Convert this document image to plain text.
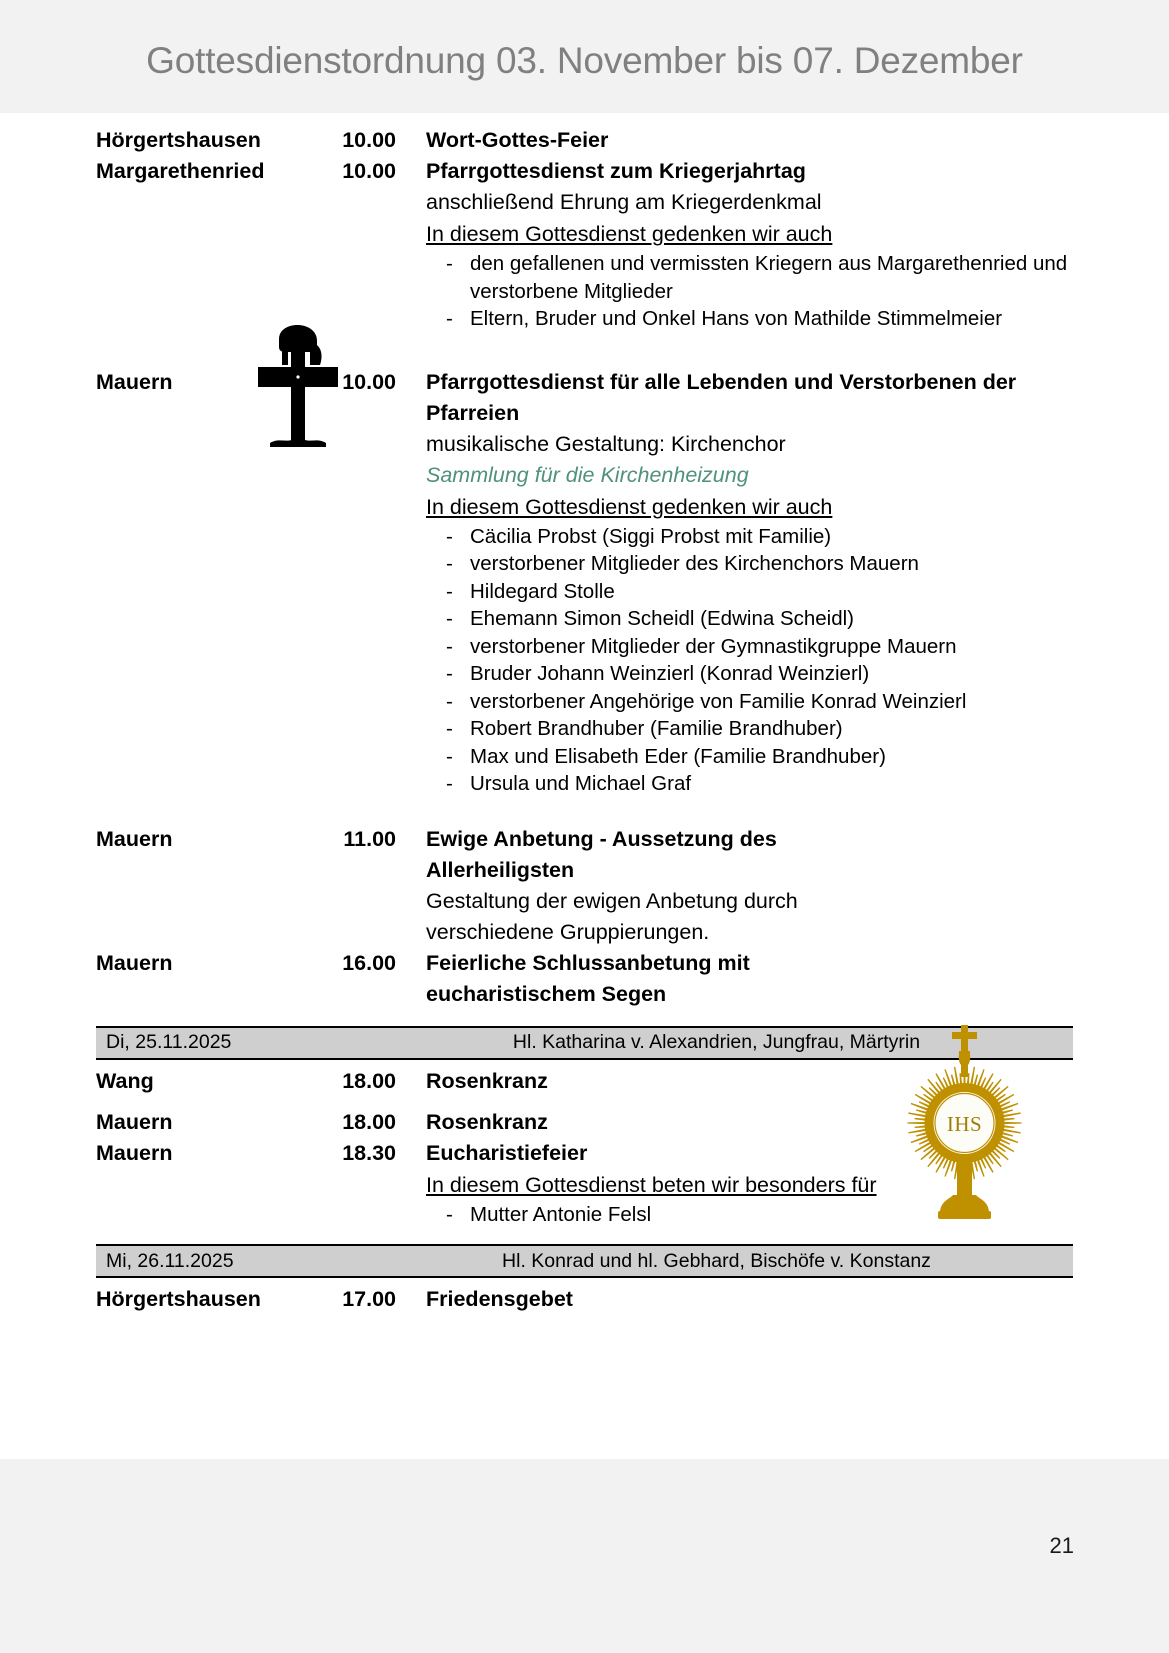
Gottesdienstordnung 03. November bis 07. Dezember
IHS
Hörgertshausen	10.00	Wort-Gottes-Feier
Margarethenried	10.00	Pfarrgottesdienst zum Kriegerjahrtag
anschließend Ehrung am Kriegerdenkmal
In diesem Gottesdienst gedenken wir auch
- den gefallenen und vermissten Kriegern aus Margarethenried und verstorbene Mitglieder
- Eltern, Bruder und Onkel Hans von Mathilde Stimmelmeier
Mauern	10.00	Pfarrgottesdienst für alle Lebenden und Verstorbenen der Pfarreien
musikalische Gestaltung: Kirchenchor
Sammlung für die Kirchenheizung
In diesem Gottesdienst gedenken wir auch
- Cäcilia Probst (Siggi Probst mit Familie)
- verstorbener Mitglieder des Kirchenchors Mauern
- Hildegard Stolle
- Ehemann Simon Scheidl (Edwina Scheidl)
- verstorbener Mitglieder der Gymnastikgruppe Mauern
- Bruder Johann Weinzierl (Konrad Weinzierl)
- verstorbener Angehörige von Familie Konrad Weinzierl
- Robert Brandhuber (Familie Brandhuber)
- Max und Elisabeth Eder (Familie Brandhuber)
- Ursula und Michael Graf
Mauern	11.00	Ewige Anbetung - Aussetzung des Allerheiligsten
Gestaltung der ewigen Anbetung durch verschiedene Gruppierungen.
Mauern	16.00	Feierliche Schlussanbetung mit eucharistischem Segen
Di, 25.11.2025	Hl. Katharina v. Alexandrien, Jungfrau, Märtyrin
Wang	18.00	Rosenkranz
Mauern	18.00	Rosenkranz
Mauern	18.30	Eucharistiefeier
In diesem Gottesdienst beten wir besonders für
- Mutter Antonie Felsl
Mi, 26.11.2025	Hl. Konrad und hl. Gebhard, Bischöfe v. Konstanz
Hörgertshausen	17.00	Friedensgebet
21
